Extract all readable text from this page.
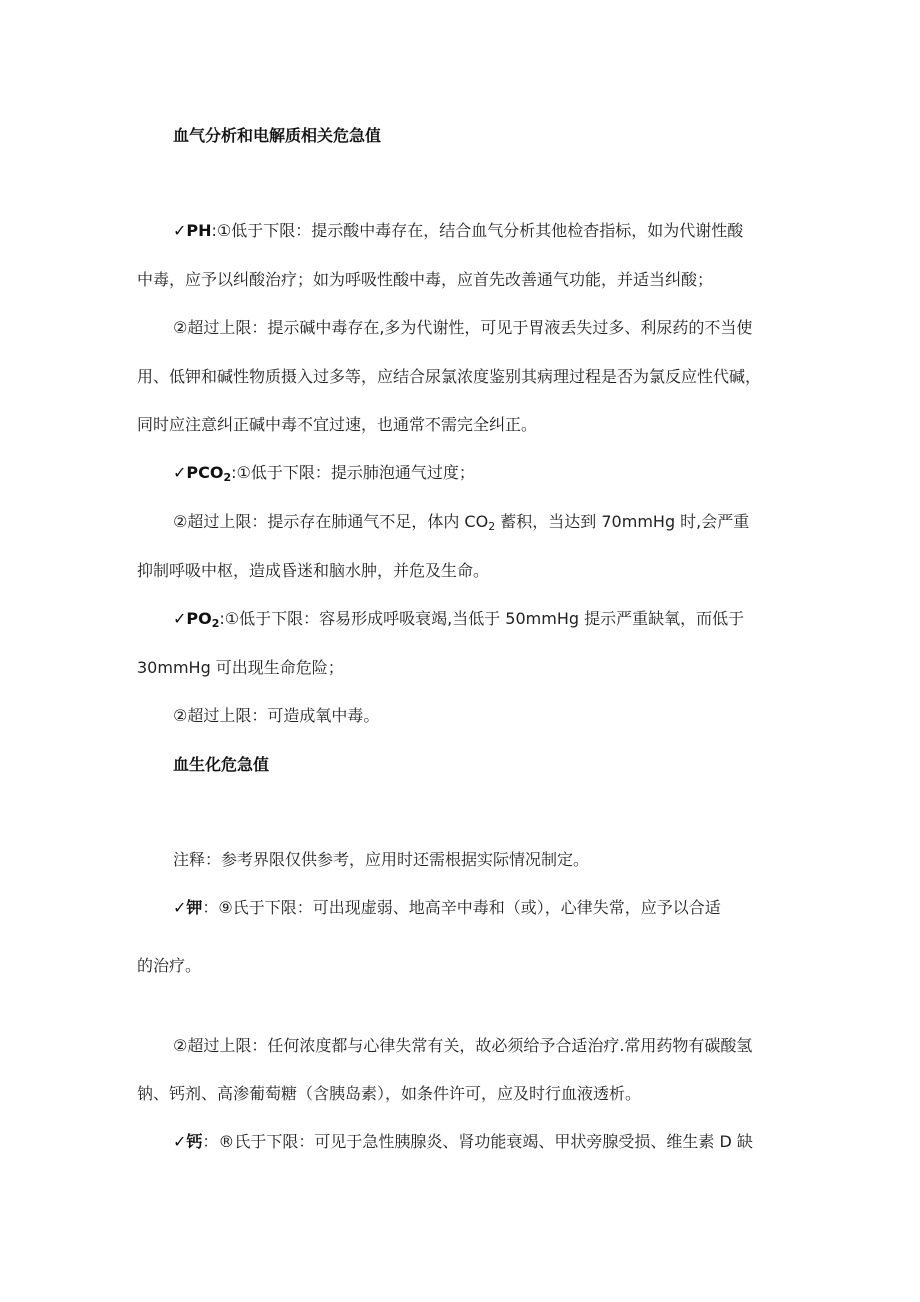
血气分析和电解质相关危急值
✓PH:①低于下限：提示酸中毒存在，结合血气分析其他检杳指标，如为代谢性酸
中毒，应予以纠酸治疗；如为呼吸性酸中毒，应首先改善通气功能，并适当纠酸；
②超过上限：提示碱中毒存在,多为代谢性，可见于胃液丢失过多、利尿药的不当使
用、低钾和碱性物质摄入过多等，应结合尿氯浓度鉴别其病理过程是否为氯反应性代碱，
同时应注意纠正碱中毒不宜过速，也通常不需完全纠正。
$✓PCO_2:①$低于下限：提示肺泡通气过度；
②超过上限：提示存在肺通气不足，体内 $CO_2$ 蓄积，当达到 70mmHg 时,会严重
抑制呼吸中枢，造成昏迷和脑水肿，并危及生命。
$✓PO_2:①$低于下限：容易形成呼吸衰竭,当低于 50mmHg 提示严重缺氧，而低于
30mmHg 可出现生命危险；
②超过上限：可造成氧中毒。
血生化危急值
注释：参考界限仅供参考，应用时还需根据实际情况制定。
✓钾：⑨氏于下限：可出现虚弱、地高辛中毒和（或），心律失常，应予以合适
的治疗。
②超过上限：任何浓度都与心律失常有关，故必须给予合适治疗.常用药物有碳酸氢
钠、钙剂、高渗葡萄糖（含胰岛素），如条件许可，应及时行血液透析。
✓钙：®氏于下限：可见于急性胰腺炎、肾功能衰竭、甲状旁腺受损、维生素 D 缺
